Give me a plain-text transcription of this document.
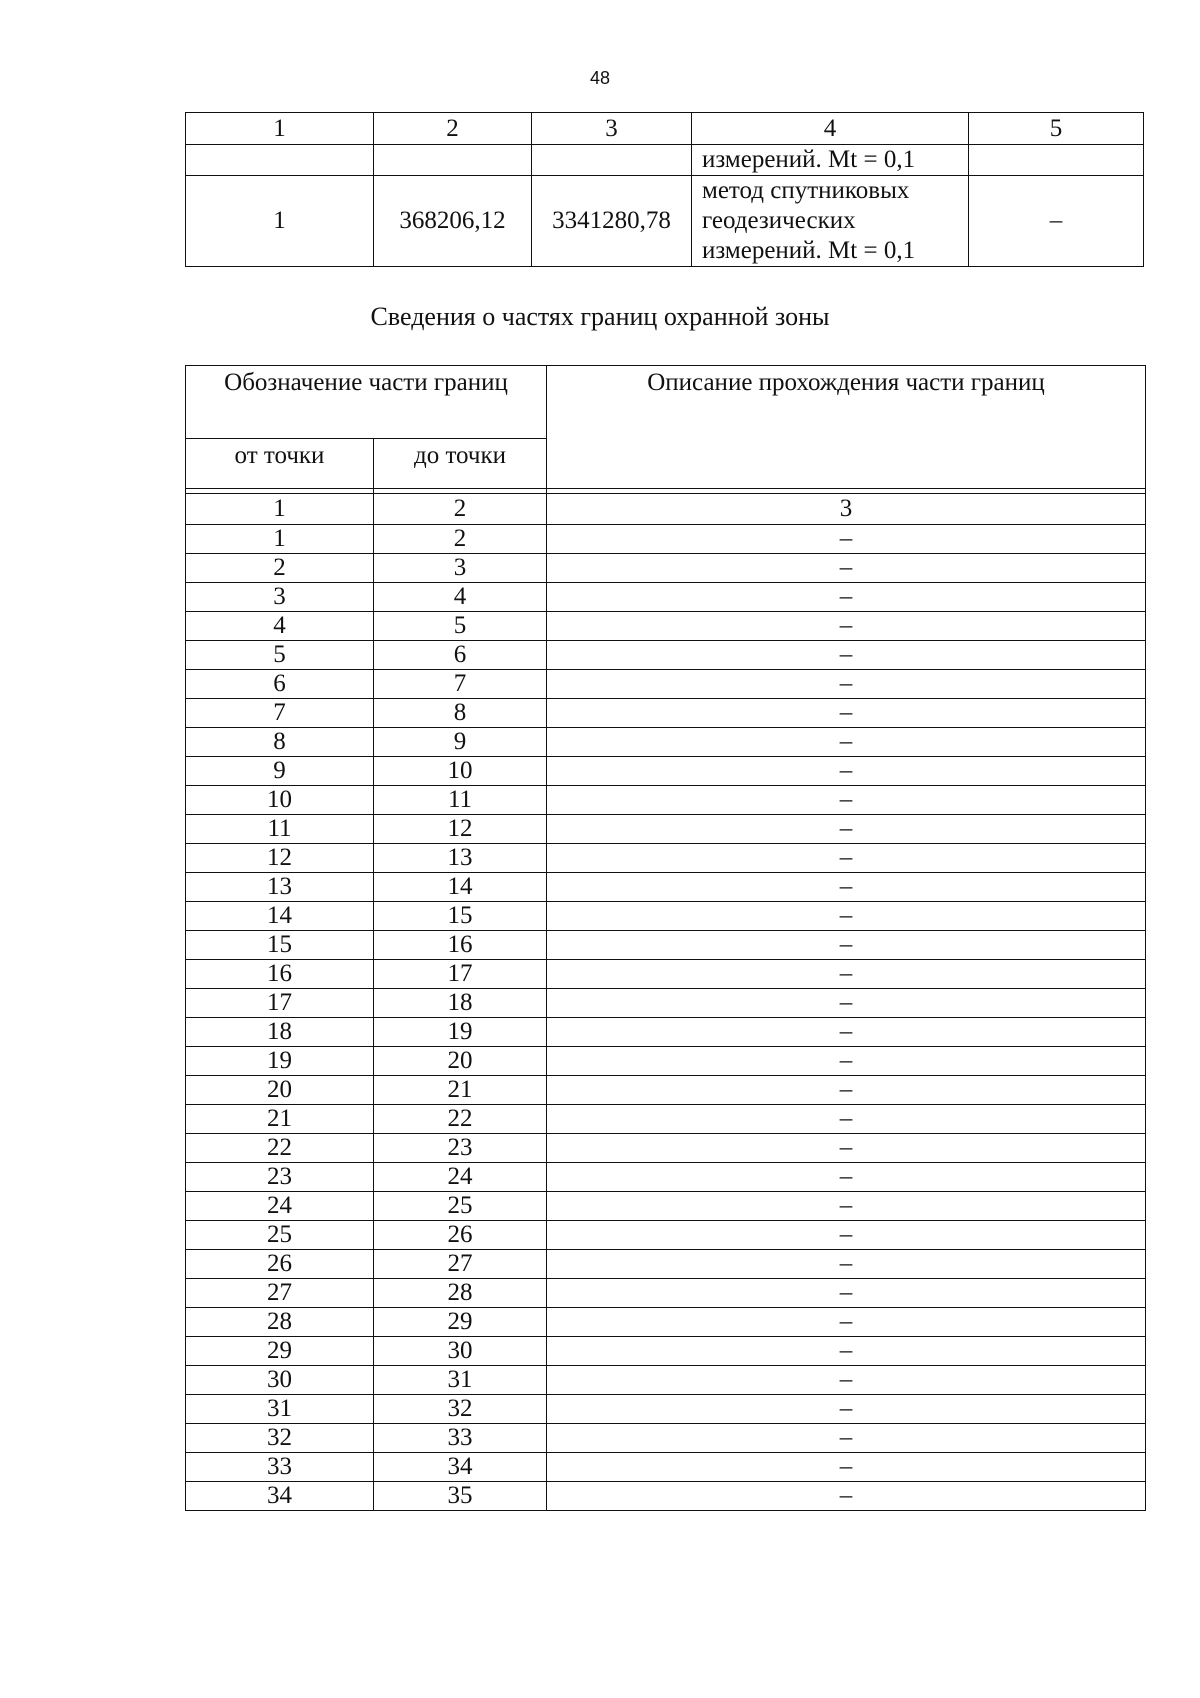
48
1	2	3	4	5
			измерений. Mt = 0,1	
1	368206,12	3341280,78	метод спутниковых геодезических измерений. Mt = 0,1	–
Сведения о частях границ охранной зоны
Обозначение части границ		Описание прохождения части границ
от точки	до точки	

1	2	3
1	2	–
2	3	–
3	4	–
4	5	–
5	6	–
6	7	–
7	8	–
8	9	–
9	10	–
10	11	–
11	12	–
12	13	–
13	14	–
14	15	–
15	16	–
16	17	–
17	18	–
18	19	–
19	20	–
20	21	–
21	22	–
22	23	–
23	24	–
24	25	–
25	26	–
26	27	–
27	28	–
28	29	–
29	30	–
30	31	–
31	32	–
32	33	–
33	34	–
34	35	–
